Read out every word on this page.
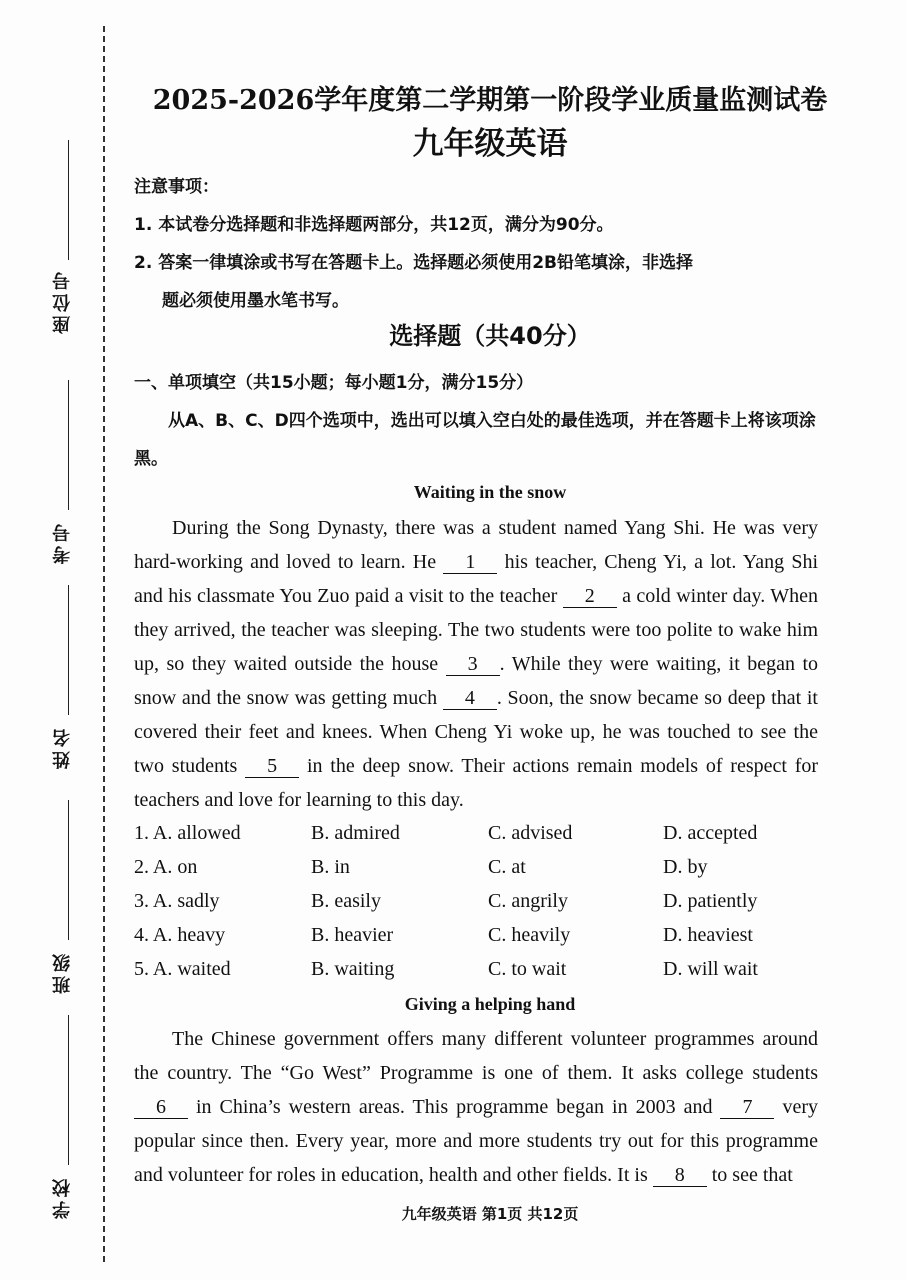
座位号
考号
姓名
班级
学校
2025-2026学年度第二学期第一阶段学业质量监测试卷
九年级英语

注意事项：

1. 本试卷分选择题和非选择题两部分，共12页，满分为90分。

2. 答案一律填涂或书写在答题卡上。选择题必须使用2B铅笔填涂，非选择

题必须使用墨水笔书写。

选择题（共40分）
一、单项填空（共15小题；每小题1分，满分15分）
从A、B、C、D四个选项中，选出可以填入空白处的最佳选项，并在答题卡上将该项涂黑。
Waiting in the snow

During the Song Dynasty, there was a student named Yang Shi. He was very hard-working and loved to learn. He 1 his teacher, Cheng Yi, a lot. Yang Shi and his classmate You Zuo paid a visit to the teacher 2 a cold winter day. When they arrived, the teacher was sleeping. The two students were too polite to wake him up, so they waited outside the house 3 . While they were waiting, it began to snow and the snow was getting much 4 . Soon, the snow became so deep that it covered their feet and knees. When Cheng Yi woke up, he was touched to see the two students 5 in the deep snow. Their actions remain models of respect for teachers and love for learning to this day.

1. A. allowed	B. admired	C. advised	D. accepted
2. A. on	B. in	C. at	D. by
3. A. sadly	B. easily	C. angrily	D. patiently
4. A. heavy	B. heavier	C. heavily	D. heaviest
5. A. waited	B. waiting	C. to wait	D. will wait
Giving a helping hand

The Chinese government offers many different volunteer programmes around the country. The “Go West” Programme is one of them. It asks college students 6 in China’s western areas. This programme began in 2003 and 7 very popular since then. Every year, more and more students try out for this programme and volunteer for roles in education, health and other fields. It is 8 to see that

九年级英语 第1页 共12页
